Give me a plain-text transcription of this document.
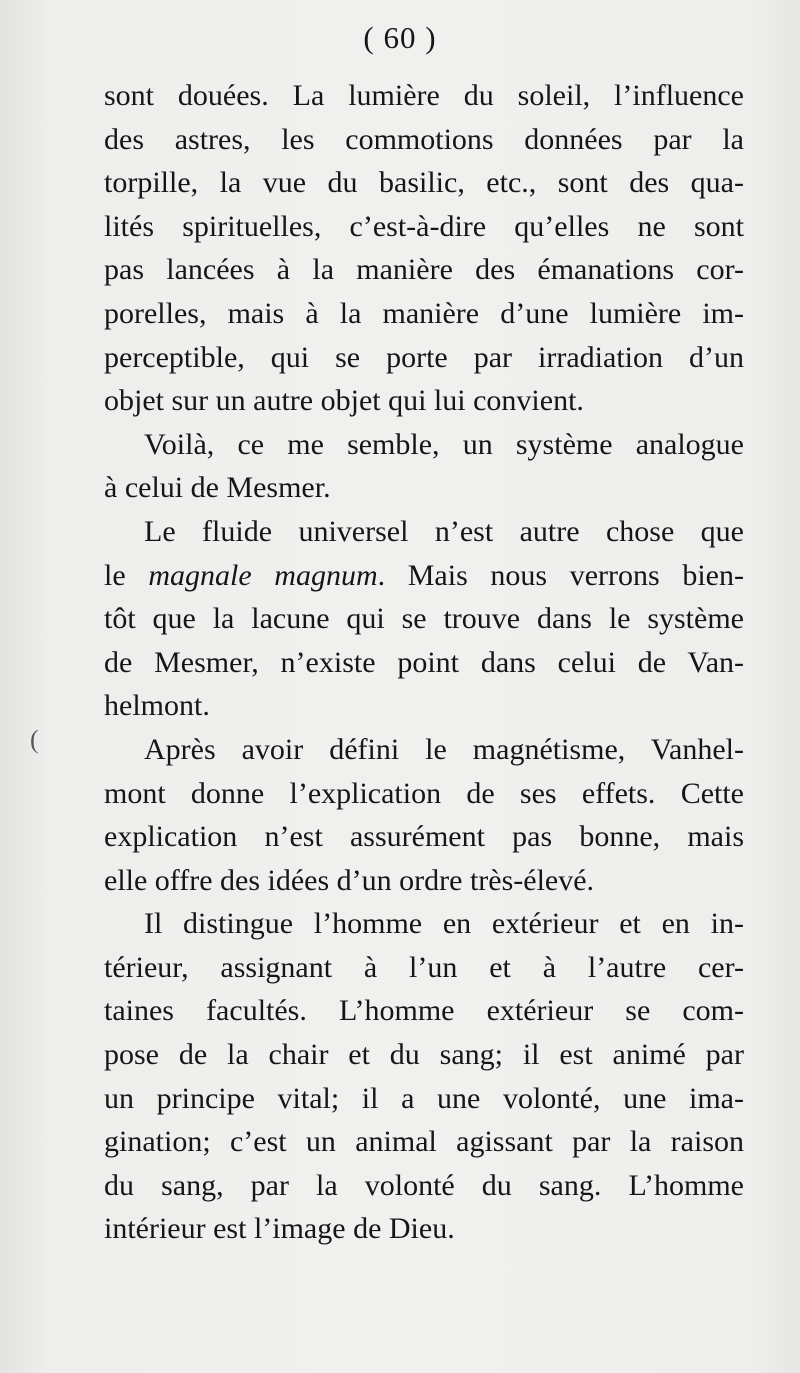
( 60 )
(
sont douées. La lumière du soleil, l’influence
des astres, les commotions données par la
torpille, la vue du basilic, etc., sont des qua-
lités spirituelles, c’est-à-dire qu’elles ne sont
pas lancées à la manière des émanations cor-
porelles, mais à la manière d’une lumière im-
perceptible, qui se porte par irradiation d’un
objet sur un autre objet qui lui convient.
Voilà, ce me semble, un système analogue
à celui de Mesmer.
Le fluide universel n’est autre chose que
le magnale magnum. Mais nous verrons bien-
tôt que la lacune qui se trouve dans le système
de Mesmer, n’existe point dans celui de Van-
helmont.
Après avoir défini le magnétisme, Vanhel-
mont donne l’explication de ses effets. Cette
explication n’est assurément pas bonne, mais
elle offre des idées d’un ordre très-élevé.
Il distingue l’homme en extérieur et en in-
térieur, assignant à l’un et à l’autre cer-
taines facultés. L’homme extérieur se com-
pose de la chair et du sang; il est animé par
un principe vital; il a une volonté, une ima-
gination; c’est un animal agissant par la raison
du sang, par la volonté du sang. L’homme
intérieur est l’image de Dieu.
